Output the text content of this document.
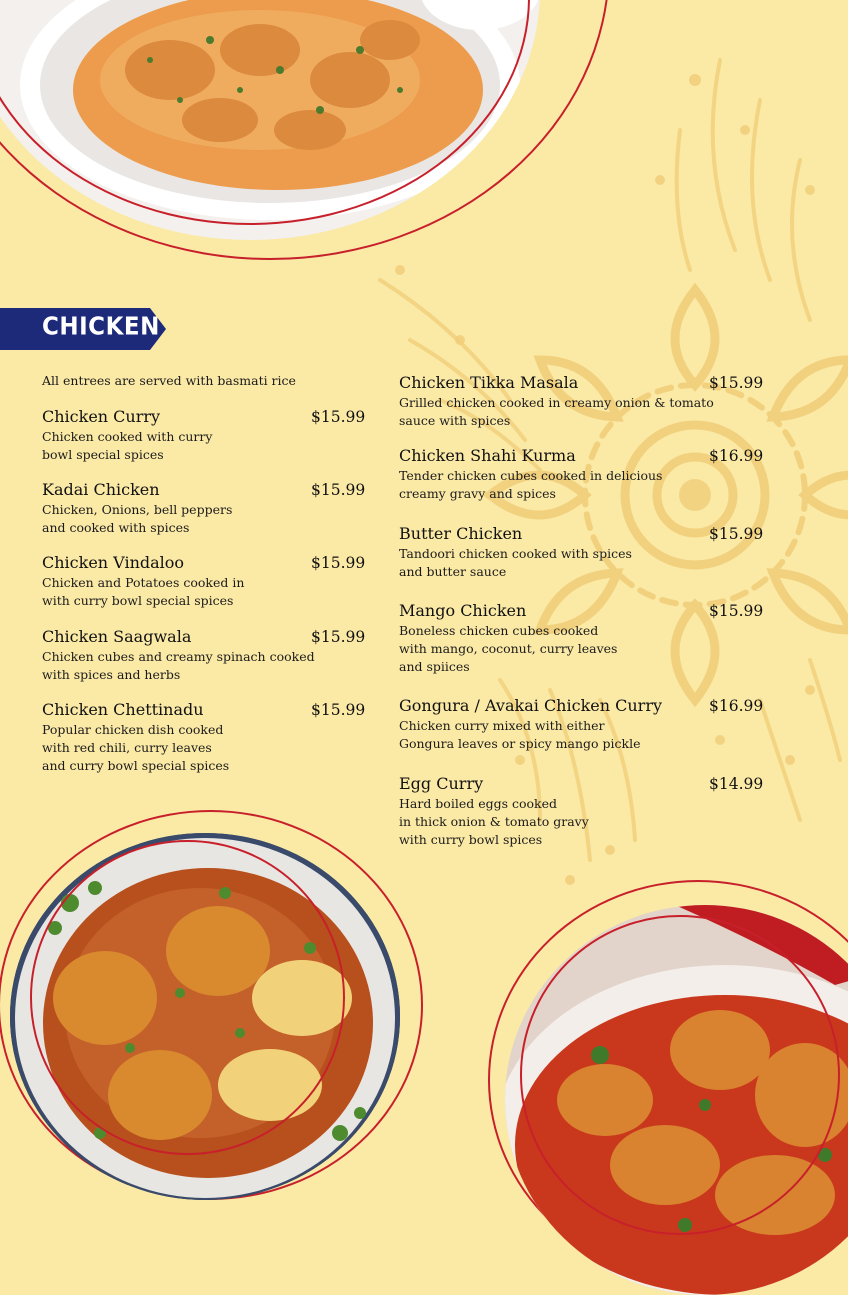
CHICKEN
All entrees are served with basmati rice
Chicken Curry
Chicken cooked with curry
bowl special spices
$15.99
Kadai Chicken
Chicken, Onions, bell peppers
and cooked with spices
$15.99
Chicken Vindaloo
Chicken and Potatoes cooked in
with curry bowl special spices
$15.99
Chicken Saagwala
Chicken cubes and creamy spinach cooked
with spices and herbs
$15.99
Chicken Chettinadu
Popular chicken dish cooked
with red chili, curry leaves
and curry bowl special spices
$15.99
Chicken Tikka Masala
Grilled chicken cooked in creamy onion & tomato
sauce with spices
$15.99
Chicken Shahi Kurma
Tender chicken cubes cooked in delicious
creamy gravy and spices
$16.99
Butter Chicken
Tandoori chicken cooked with spices
and butter sauce
$15.99
Mango Chicken
Boneless chicken cubes cooked
with mango, coconut, curry leaves
and spiices
$15.99
Gongura / Avakai Chicken Curry
Chicken curry mixed with either
Gongura leaves or spicy mango pickle
$16.99
Egg Curry
Hard boiled eggs cooked
in thick onion & tomato gravy
with curry bowl spices
$14.99
